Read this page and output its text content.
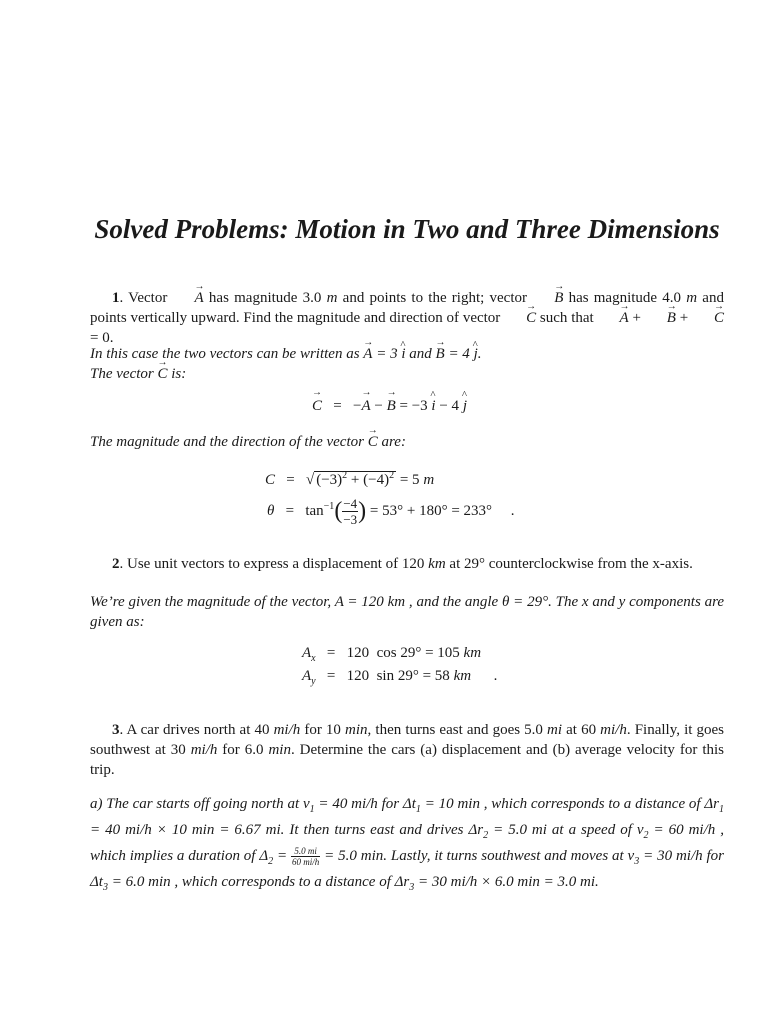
Solved Problems: Motion in Two and Three Dimensions
1. Vector → A has magnitude 3.0 m and points to the right; vector → B has magnitude 4.0 m and points vertically upward. Find the magnitude and direction of vector → C such that → A + → B + → C = 0.
In this case the two vectors can be written as → A = 3 ^ i and → B = 4 ^ j.
The vector → C is:
→ C   =   −→ A − → B = −3 ^ i − 4 ^ j
The magnitude and the direction of the vector → C are:
C   =   √ $(-3)^2 + (-4)^2 = 5$ m
$\theta = \tan^{-1}( \frac{-4}{-3}$ ) = 53° + 180° = 233°     .
2. Use unit vectors to express a displacement of 120 km at 29° counterclockwise from the x-axis.
We’re given the magnitude of the vector, A = 120 km , and the angle θ = 29°. The x and y components are given as:
$A_x = 120$  cos 29° = 105 km
$A_y = 120$  sin 29° = 58 km      .
3. A car drives north at 40 mi/h for 10 min, then turns east and goes 5.0 mi at 60 mi/h. Finally, it goes southwest at 30 mi/h for 6.0 min. Determine the cars (a) displacement and (b) average velocity for this trip.
a) The car starts off going north at $v_1 = 40$ mi/h for $\Delta t_1 = 10$ min , which corresponds to a distance of $\Delta r_1 = 40$ mi/h × 10 min = 6.67 mi. It then turns east and drives $\Delta r_2 = 5.0$ mi at a speed of $v_2 = 60$ mi/h , which implies a duration of $\Delta_2 = \frac{5.0 mi}{60 mi/h} = 5.0$ min. Lastly, it turns southwest and moves at $v_3 = 30$ mi/h for $\Delta t_3 = 6.0$ min , which corresponds to a distance of $\Delta r_3 = 30$ mi/h × 6.0 min = 3.0 mi.
